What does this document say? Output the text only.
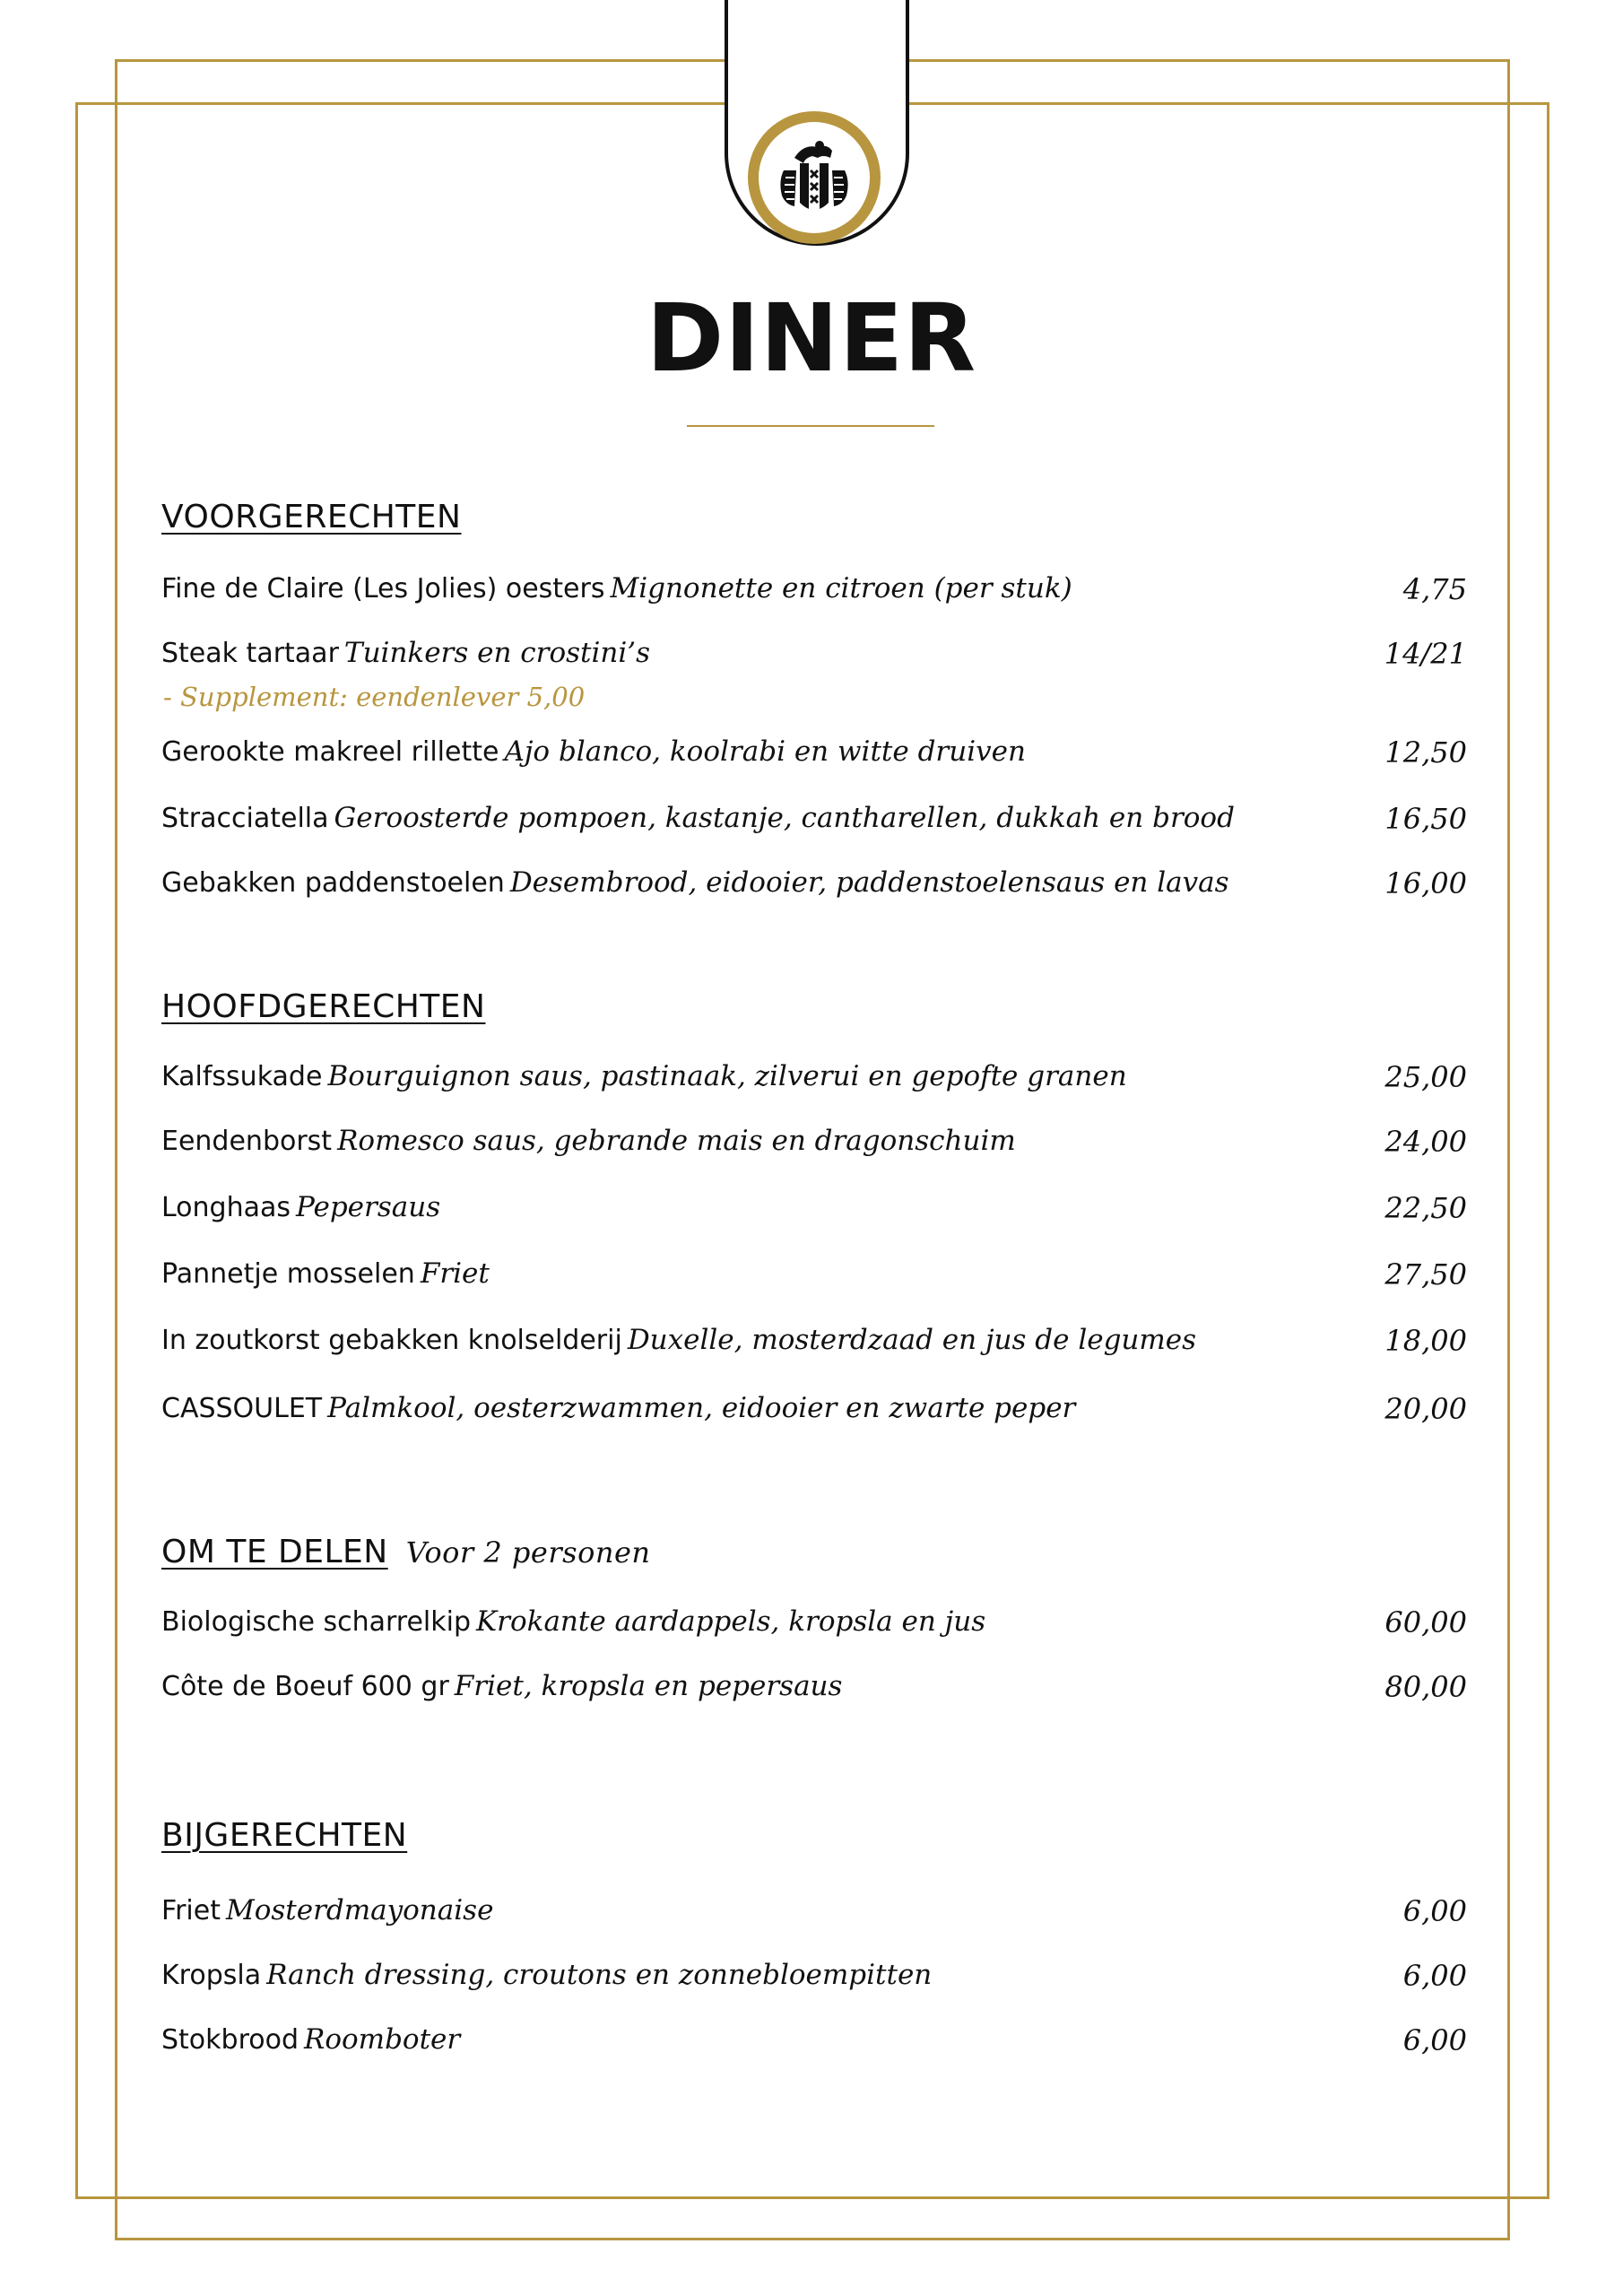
DINER
VOORGERECHTEN
Fine de Claire (Les Jolies) oesters Mignonette en citroen (per stuk)	4,75
Steak tartaar Tuinkers en crostini’s	14/21
- Supplement: eendenlever 5,00
Gerookte makreel rillette Ajo blanco, koolrabi en witte druiven	12,50
Stracciatella Geroosterde pompoen, kastanje, cantharellen, dukkah en brood	16,50
Gebakken paddenstoelen Desembrood, eidooier, paddenstoelensaus en lavas	16,00
HOOFDGERECHTEN
Kalfssukade Bourguignon saus, pastinaak, zilverui en gepofte granen	25,00
Eendenborst Romesco saus, gebrande mais en dragonschuim	24,00
Longhaas Pepersaus	22,50
Pannetje mosselen Friet	27,50
In zoutkorst gebakken knolselderij Duxelle, mosterdzaad en jus de legumes	18,00
CASSOULET Palmkool, oesterzwammen, eidooier en zwarte peper	20,00
OM TE DELEN Voor 2 personen
Biologische scharrelkip Krokante aardappels, kropsla en jus	60,00
Côte de Boeuf 600 gr Friet, kropsla en pepersaus	80,00
BIJGERECHTEN
Friet Mosterdmayonaise	6,00
Kropsla Ranch dressing, croutons en zonnebloempitten	6,00
Stokbrood Roomboter	6,00
